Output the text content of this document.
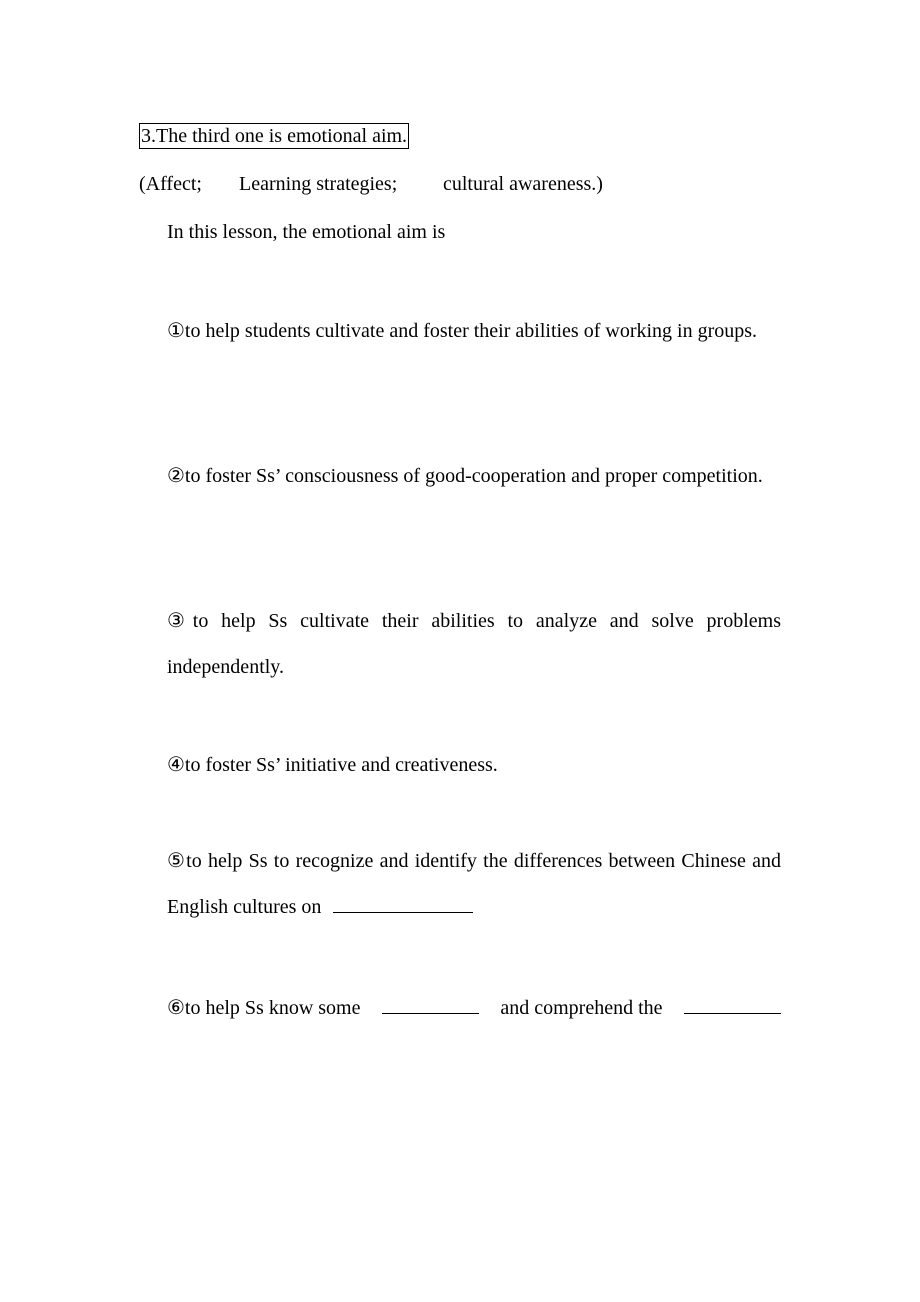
3.The third one is emotional aim.
(Affect; Learning strategies; cultural awareness.)
In this lesson, the emotional aim is
①to help students cultivate and foster their abilities of working in groups.
②to foster Ss’ consciousness of good-cooperation and proper competition.
③to help Ss cultivate their abilities to analyze and solve problems independently.
④to foster Ss’ initiative and creativeness.
⑤to help Ss to recognize and identify the differences between Chinese and English cultures on
⑥to help Ss know some	and comprehend the
